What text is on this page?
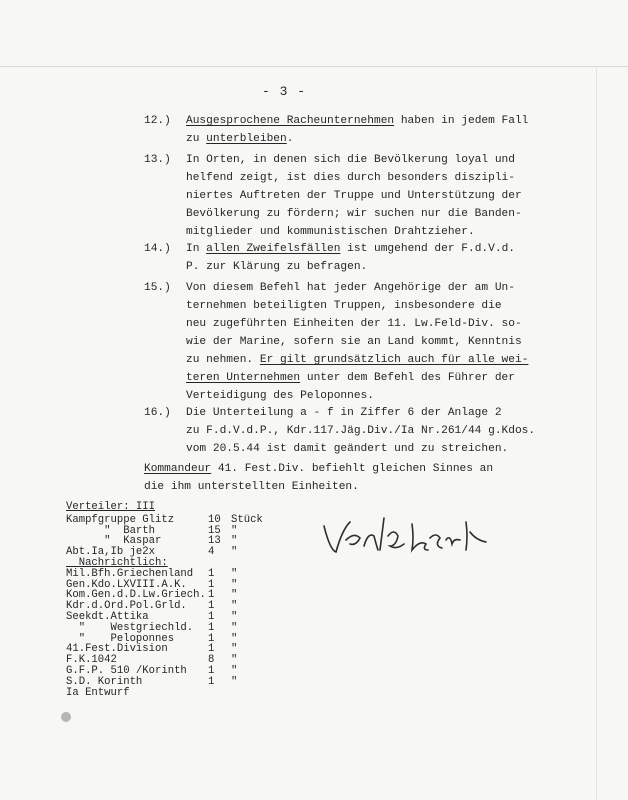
- 3 -
12.) Ausgesprochene Racheunternehmen haben in jedem Fall
zu unterbleiben.
13.) In Orten, in denen sich die Bevölkerung loyal und
helfend zeigt, ist dies durch besonders diszipli-
niertes Auftreten der Truppe und Unterstützung der
Bevölkerung zu fördern; wir suchen nur die Banden-
mitglieder und kommunistischen Drahtzieher.
14.) In allen Zweifelsfällen ist umgehend der F.d.V.d.
P. zur Klärung zu befragen.
15.) Von diesem Befehl hat jeder Angehörige der am Un-
ternehmen beteiligten Truppen, insbesondere die
neu zugeführten Einheiten der 11. Lw.Feld-Div. so-
wie der Marine, sofern sie an Land kommt, Kenntnis
zu nehmen. Er gilt grundsätzlich auch für alle wei-
teren Unternehmen unter dem Befehl des Führer der
Verteidigung des Peloponnes.
16.) Die Unterteilung a - f in Ziffer 6 der Anlage 2
zu F.d.V.d.P., Kdr.117.Jäg.Div./Ia Nr.261/44 g.Kdos.
vom 20.5.44 ist damit geändert und zu streichen.
Kommandeur 41. Fest.Div. befiehlt gleichen Sinnes an
die ihm unterstellten Einheiten.
Verteiler: III
Kampfgruppe Glitz	10 Stück
"  Barth	15 "
"  Kaspar	13 "
Abt.Ia,Ib je2x	4 "
Nachrichtlich:
Mil.Bfh.Griechenland 1 "
Gen.Kdo.LXVIII.A.K. 1 "
Kom.Gen.d.D.Lw.Griech. 1 "
Kdr.d.Ord.Pol.Grld. 1 "
Seekdt.Attika	1 "
"    Westgriechld. 1 "
"    Peloponnes	1 "
41.Fest.Division	1 "
F.K.1042	8 "
G.F.P. 510 /Korinth 1 "
S.D. Korinth	1 "
Ia Entwurf
